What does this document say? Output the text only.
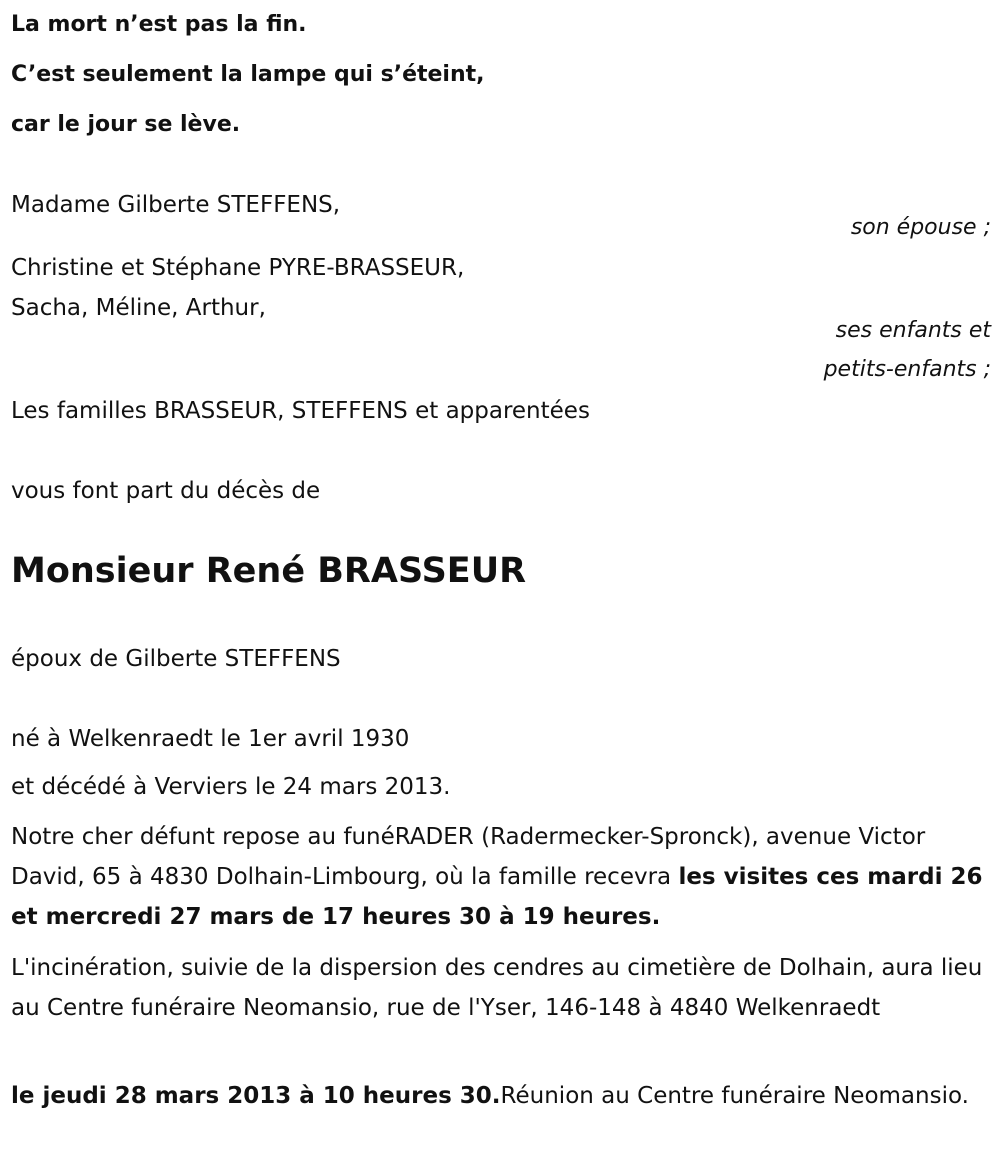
La mort n’est pas la fin.
C’est seulement la lampe qui s’éteint,
car le jour se lève.
Madame Gilberte STEFFENS,
son épouse ;
Christine et Stéphane PYRE-BRASSEUR,
Sacha, Méline, Arthur,
ses enfants et
petits-enfants ;
Les familles BRASSEUR, STEFFENS et apparentées
vous font part du décès de
Monsieur René BRASSEUR
époux de Gilberte STEFFENS
né à Welkenraedt le 1er avril 1930
et décédé à Verviers le 24 mars 2013.
Notre cher défunt repose au funéRADER (Radermecker-Spronck), avenue Victor David, 65 à 4830 Dolhain-Limbourg, où la famille recevra les visites ces mardi 26 et mercredi 27 mars de 17 heures 30 à 19 heures.
L'incinération, suivie de la dispersion des cendres au cimetière de Dolhain, aura lieu au Centre funéraire Neomansio, rue de l'Yser, 146-148 à 4840 Welkenraedt
le jeudi 28 mars 2013 à 10 heures 30.Réunion au Centre funéraire Neomansio.
